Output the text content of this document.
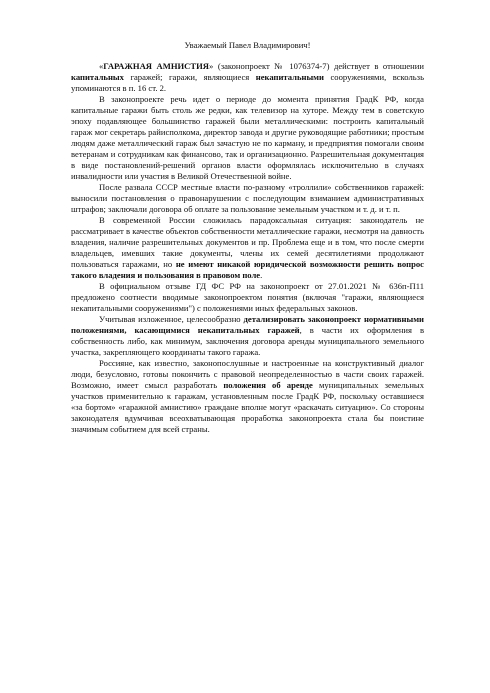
Уважаемый Павел Владимирович!

«ГАРАЖНАЯ АМНИСТИЯ» (законопроект № 1076374-7) действует в отношении капитальных гаражей; гаражи, являющиеся некапитальными сооружениями, вскользь упоминаются в п. 16 ст. 2.

В законопроекте речь идет о периоде до момента принятия ГрадК РФ, когда капитальные гаражи быть столь же редки, как телевизор на хуторе. Между тем в советскую эпоху подавляющее большинство гаражей были металлическими: построить капитальный гараж мог секретарь райисполкома, директор завода и другие руководящие работники; простым людям даже металлический гараж был зачастую не по карману, и предприятия помогали своим ветеранам и сотрудникам как финансово, так и организационно. Разрешительная документация в виде постановлений-решений органов власти оформлялась исключительно в случаях инвалидности или участия в Великой Отечественной войне.

После развала СССР местные власти по-разному «троллили» собственников гаражей: выносили постановления о правонарушении с последующим взиманием административных штрафов; заключали договора об оплате за пользование земельным участком и т. д. и т. п.

В современной России сложилась парадоксальная ситуация: законодатель не рассматривает в качестве объектов собственности металлические гаражи, несмотря на давность владения, наличие разрешительных документов и пр. Проблема еще и в том, что после смерти владельцев, имевших такие документы, члены их семей десятилетиями продолжают пользоваться гаражами, но не имеют никакой юридической возможности решить вопрос такого владения и пользования в правовом поле.

В официальном отзыве ГД ФС РФ на законопроект от 27.01.2021 № 636п-П11 предложено соотнести вводимые законопроектом понятия (включая "гаражи, являющиеся некапитальными сооружениями") с положениями иных федеральных законов.

Учитывая изложенное, целесообразно детализировать законопроект нормативными положениями, касающимися некапитальных гаражей, в части их оформления в собственность либо, как минимум, заключения договора аренды муниципального земельного участка, закрепляющего координаты такого гаража.

Россияне, как известно, законопослушные и настроенные на конструктивный диалог люди, безусловно, готовы покончить с правовой неопределенностью в части своих гаражей. Возможно, имеет смысл разработать положения об аренде муниципальных земельных участков применительно к гаражам, установленным после ГрадК РФ, поскольку оставшиеся «за бортом» «гаражной амнистию» граждане вполне могут «раскачать ситуацию». Со стороны законодателя вдумчивая всеохватывающая проработка законопроекта стала бы поистине значимым событием для всей страны.
